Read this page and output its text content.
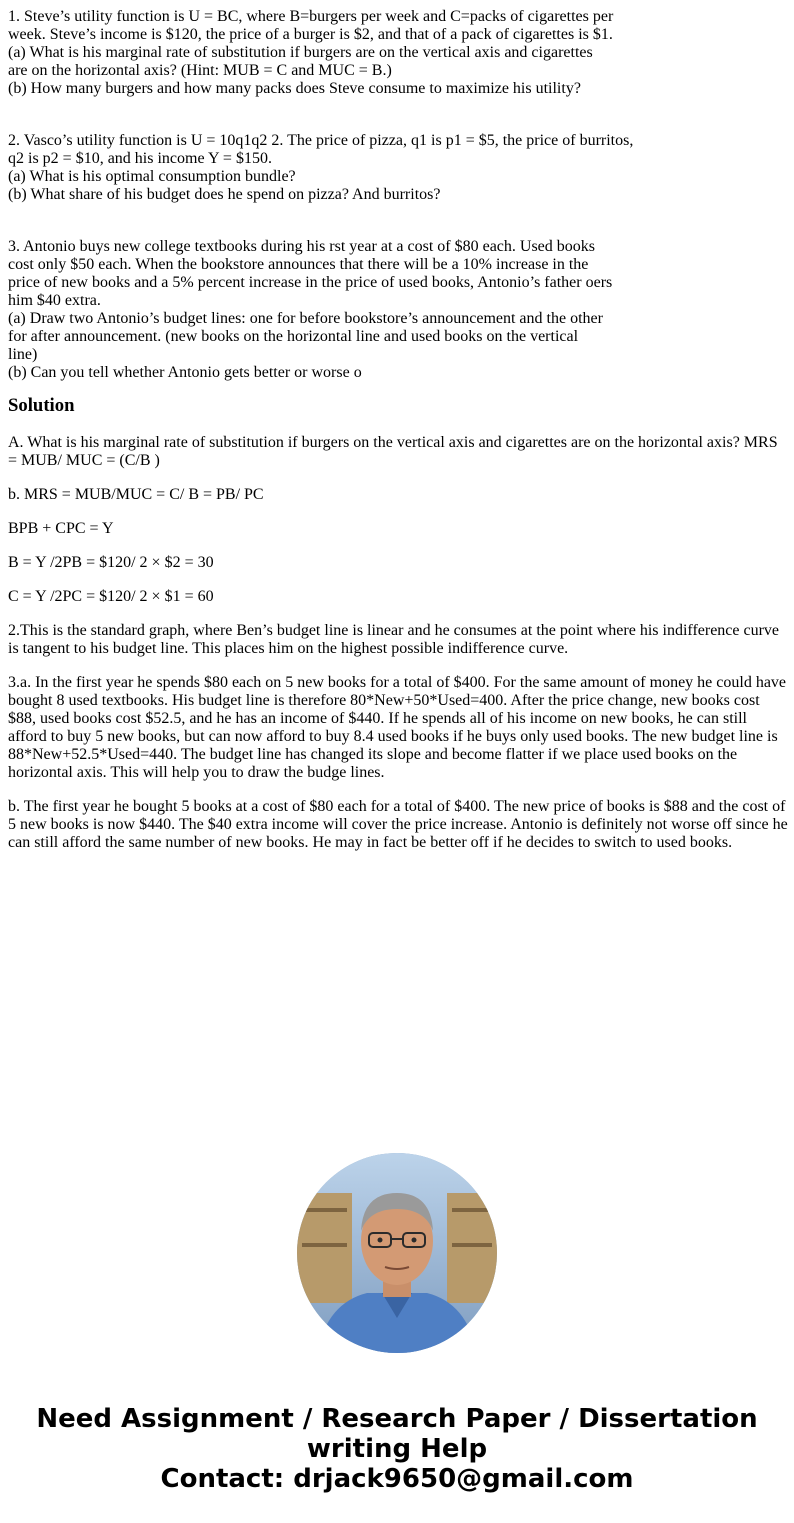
1. Steve’s utility function is U = BC, where B=burgers per week and C=packs of cigarettes per

week. Steve’s income is $120, the price of a burger is $2, and that of a pack of cigarettes is $1.

(a) What is his marginal rate of substitution if burgers are on the vertical axis and cigarettes

are on the horizontal axis? (Hint: MUB = C and MUC = B.)

(b) How many burgers and how many packs does Steve consume to maximize his utility?

2. Vasco’s utility function is U = 10q1q2 2. The price of pizza, q1 is p1 = $5, the price of burritos,

q2 is p2 = $10, and his income Y = $150.

(a) What is his optimal consumption bundle?

(b) What share of his budget does he spend on pizza? And burritos?

3. Antonio buys new college textbooks during his rst year at a cost of $80 each. Used books

cost only $50 each. When the bookstore announces that there will be a 10% increase in the

price of new books and a 5% percent increase in the price of used books, Antonio’s father oers

him $40 extra.

(a) Draw two Antonio’s budget lines: one for before bookstore’s announcement and the other

for after announcement. (new books on the horizontal line and used books on the vertical

line)

(b) Can you tell whether Antonio gets better or worse o

Solution

A. What is his marginal rate of substitution if burgers on the vertical axis and cigarettes are on the horizontal axis? MRS = MUB/ MUC = (C/B )

b. MRS = MUB/MUC = C/ B = PB/ PC

BPB + CPC = Y

B = Y /2PB = $120/ 2 × $2 = 30

C = Y /2PC = $120/ 2 × $1 = 60

2.This is the standard graph, where Ben’s budget line is linear and he consumes at the point where his indifference curve is tangent to his budget line. This places him on the highest possible indifference curve.

3.a. In the first year he spends $80 each on 5 new books for a total of $400. For the same amount of money he could have bought 8 used textbooks. His budget line is therefore 80*New+50*Used=400. After the price change, new books cost $88, used books cost $52.5, and he has an income of $440. If he spends all of his income on new books, he can still afford to buy 5 new books, but can now afford to buy 8.4 used books if he buys only used books. The new budget line is 88*New+52.5*Used=440. The budget line has changed its slope and become flatter if we place used books on the horizontal axis. This will help you to draw the budge lines.

b. The first year he bought 5 books at a cost of $80 each for a total of $400. The new price of books is $88 and the cost of 5 new books is now $440. The $40 extra income will cover the price increase. Antonio is definitely not worse off since he can still afford the same number of new books. He may in fact be better off if he decides to switch to used books.

Need Assignment / Research Paper / Dissertation
writing Help
Contact: drjack9650@gmail.com
